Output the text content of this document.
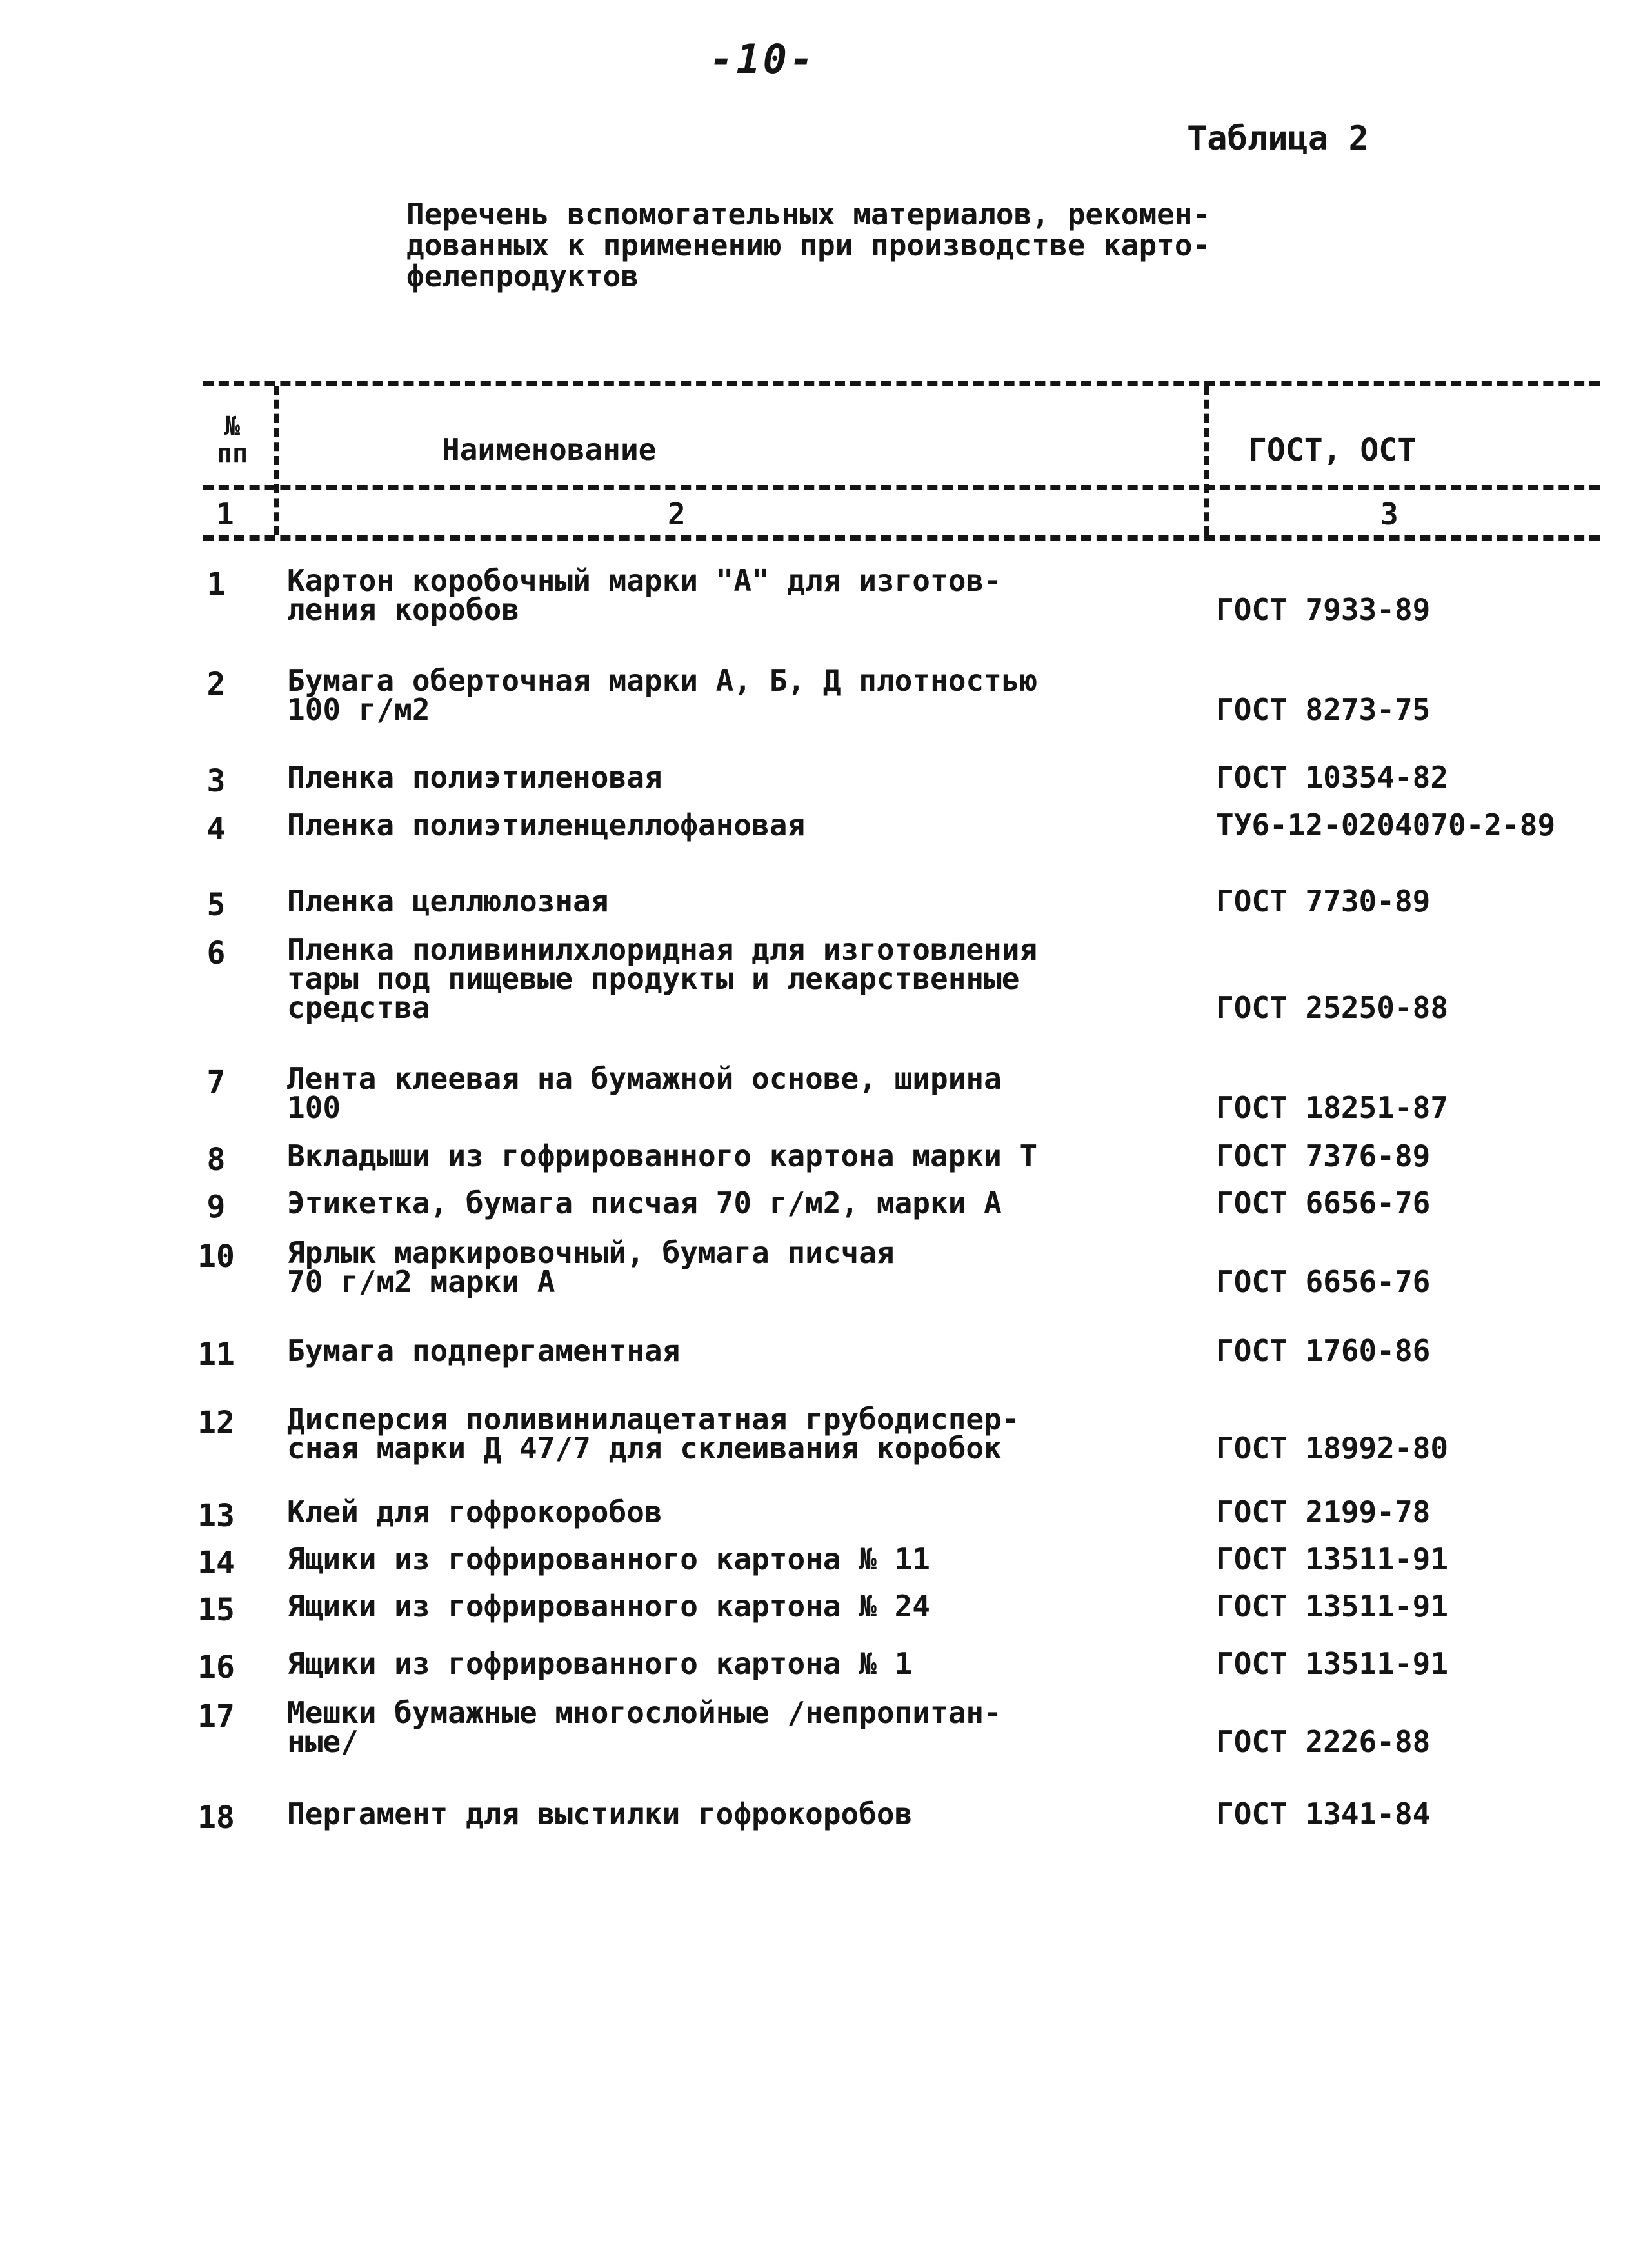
-10-
Таблица 2
Перечень вспомогательных материалов, рекомен-
дованных к применению при производстве карто-
фелепродуктов
№ пп	Наименование	ГОСТ, ОСТ
1	2	3
1	Картон коробочный марки "А" для изготов-
ления коробов	ГОСТ 7933-89
2	Бумага оберточная марки А, Б, Д плотностью
100 г/м2	ГОСТ 8273-75
3	Пленка полиэтиленовая	ГОСТ 10354-82
4	Пленка полиэтиленцеллофановая	ТУ6-12-0204070-2-89
5	Пленка целлюлозная	ГОСТ 7730-89
6	Пленка поливинилхлоридная для изготовления
тары под пищевые продукты и лекарственные
средства	ГОСТ 25250-88
7	Лента клеевая на бумажной основе, ширина
100	ГОСТ 18251-87
8	Вкладыши из гофрированного картона марки Т	ГОСТ 7376-89
9	Этикетка, бумага писчая 70 г/м2, марки А	ГОСТ 6656-76
10 Ярлык маркировочный, бумага писчая
70 г/м2 марки А	ГОСТ 6656-76
11 Бумага подпергаментная	ГОСТ 1760-86
12 Дисперсия поливинилацетатная грубодиспер-
сная марки Д 47/7 для склеивания коробок	ГОСТ 18992-80
13 Клей для гофрокоробов	ГОСТ 2199-78
14 Ящики из гофрированного картона № 11	ГОСТ 13511-91
15 Ящики из гофрированного картона № 24	ГОСТ 13511-91
16 Ящики из гофрированного картона № 1	ГОСТ 13511-91
17 Мешки бумажные многослойные /непропитан-
ные/	ГОСТ 2226-88
18 Пергамент для выстилки гофрокоробов	ГОСТ 1341-84
